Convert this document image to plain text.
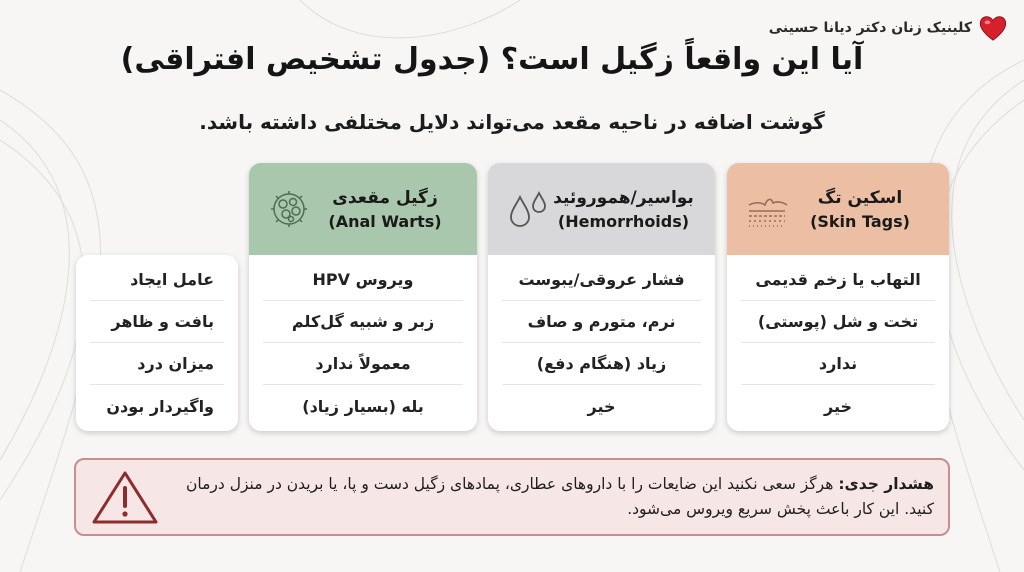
کلینیک زنان دکتر دیانا حسینی
آیا این واقعاً زگیل است؟ (جدول تشخیص افتراقی)
گوشت اضافه در ناحیه مقعد می‌تواند دلایل مختلفی داشته باشد.
اسکین تگ
(Skin Tags)
التهاب یا زخم قدیمی
تخت و شل (پوستی)
ندارد
خیر
بواسیر/هموروئید
(Hemorrhoids)
فشار عروقی/یبوست
نرم، متورم و صاف
زیاد (هنگام دفع)
خیر
زگیل مقعدی
(Anal Warts)
ویروس HPV
زبر و شبیه گل‌کلم
معمولاً ندارد
بله (بسیار زیاد)
عامل ایجاد
بافت و ظاهر
میزان درد
واگیردار بودن
هشدار جدی: هرگز سعی نکنید این ضایعات را با داروهای عطاری، پمادهای زگیل دست و پا، یا بریدن در منزل درمان کنید. این کار باعث پخش سریع ویروس می‌شود.
